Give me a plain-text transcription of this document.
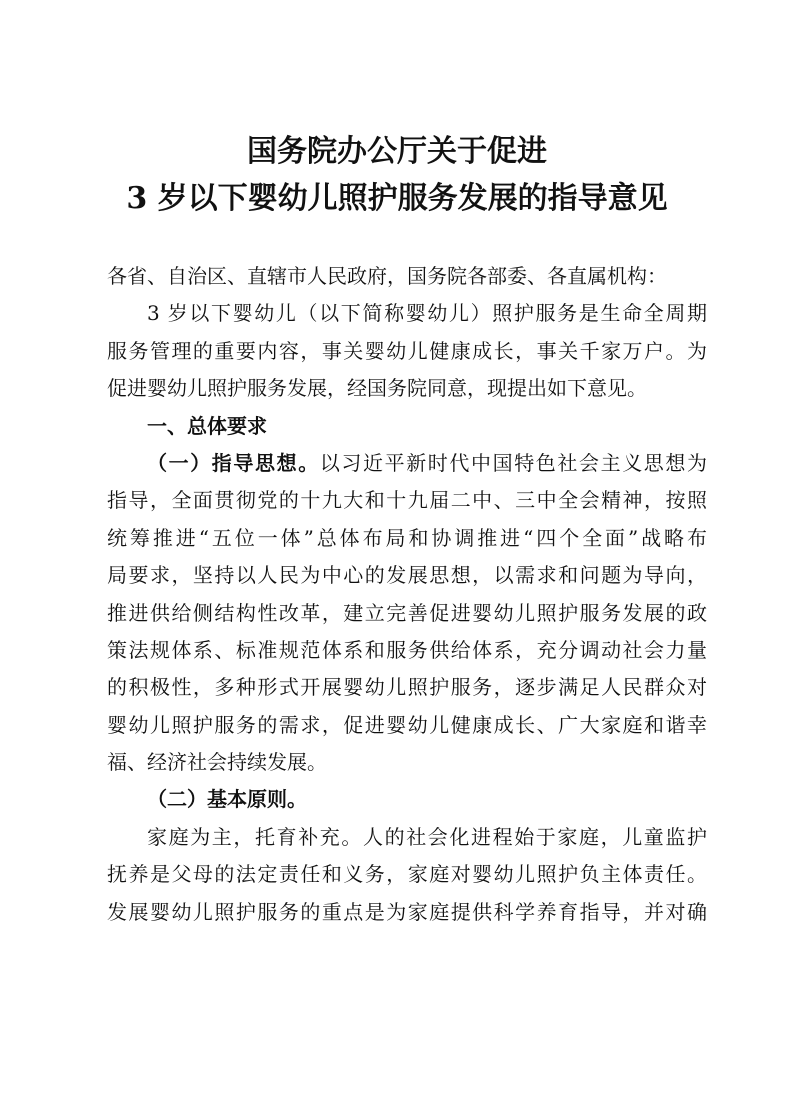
国务院办公厅关于促进
3 岁以下婴幼儿照护服务发展的指导意见
各省、自治区、直辖市人民政府，国务院各部委、各直属机构：
3 岁以下婴幼儿（以下简称婴幼儿）照护服务是生命全周期
服务管理的重要内容，事关婴幼儿健康成长，事关千家万户。为
促进婴幼儿照护服务发展，经国务院同意，现提出如下意见。
一、总体要求
（一）指导思想。以习近平新时代中国特色社会主义思想为
指导，全面贯彻党的十九大和十九届二中、三中全会精神，按照
统筹推进“五位一体”总体布局和协调推进“四个全面”战略布
局要求，坚持以人民为中心的发展思想，以需求和问题为导向，
推进供给侧结构性改革，建立完善促进婴幼儿照护服务发展的政
策法规体系、标准规范体系和服务供给体系，充分调动社会力量
的积极性，多种形式开展婴幼儿照护服务，逐步满足人民群众对
婴幼儿照护服务的需求，促进婴幼儿健康成长、广大家庭和谐幸
福、经济社会持续发展。
（二）基本原则。
家庭为主，托育补充。人的社会化进程始于家庭，儿童监护
抚养是父母的法定责任和义务，家庭对婴幼儿照护负主体责任。
发展婴幼儿照护服务的重点是为家庭提供科学养育指导，并对确
